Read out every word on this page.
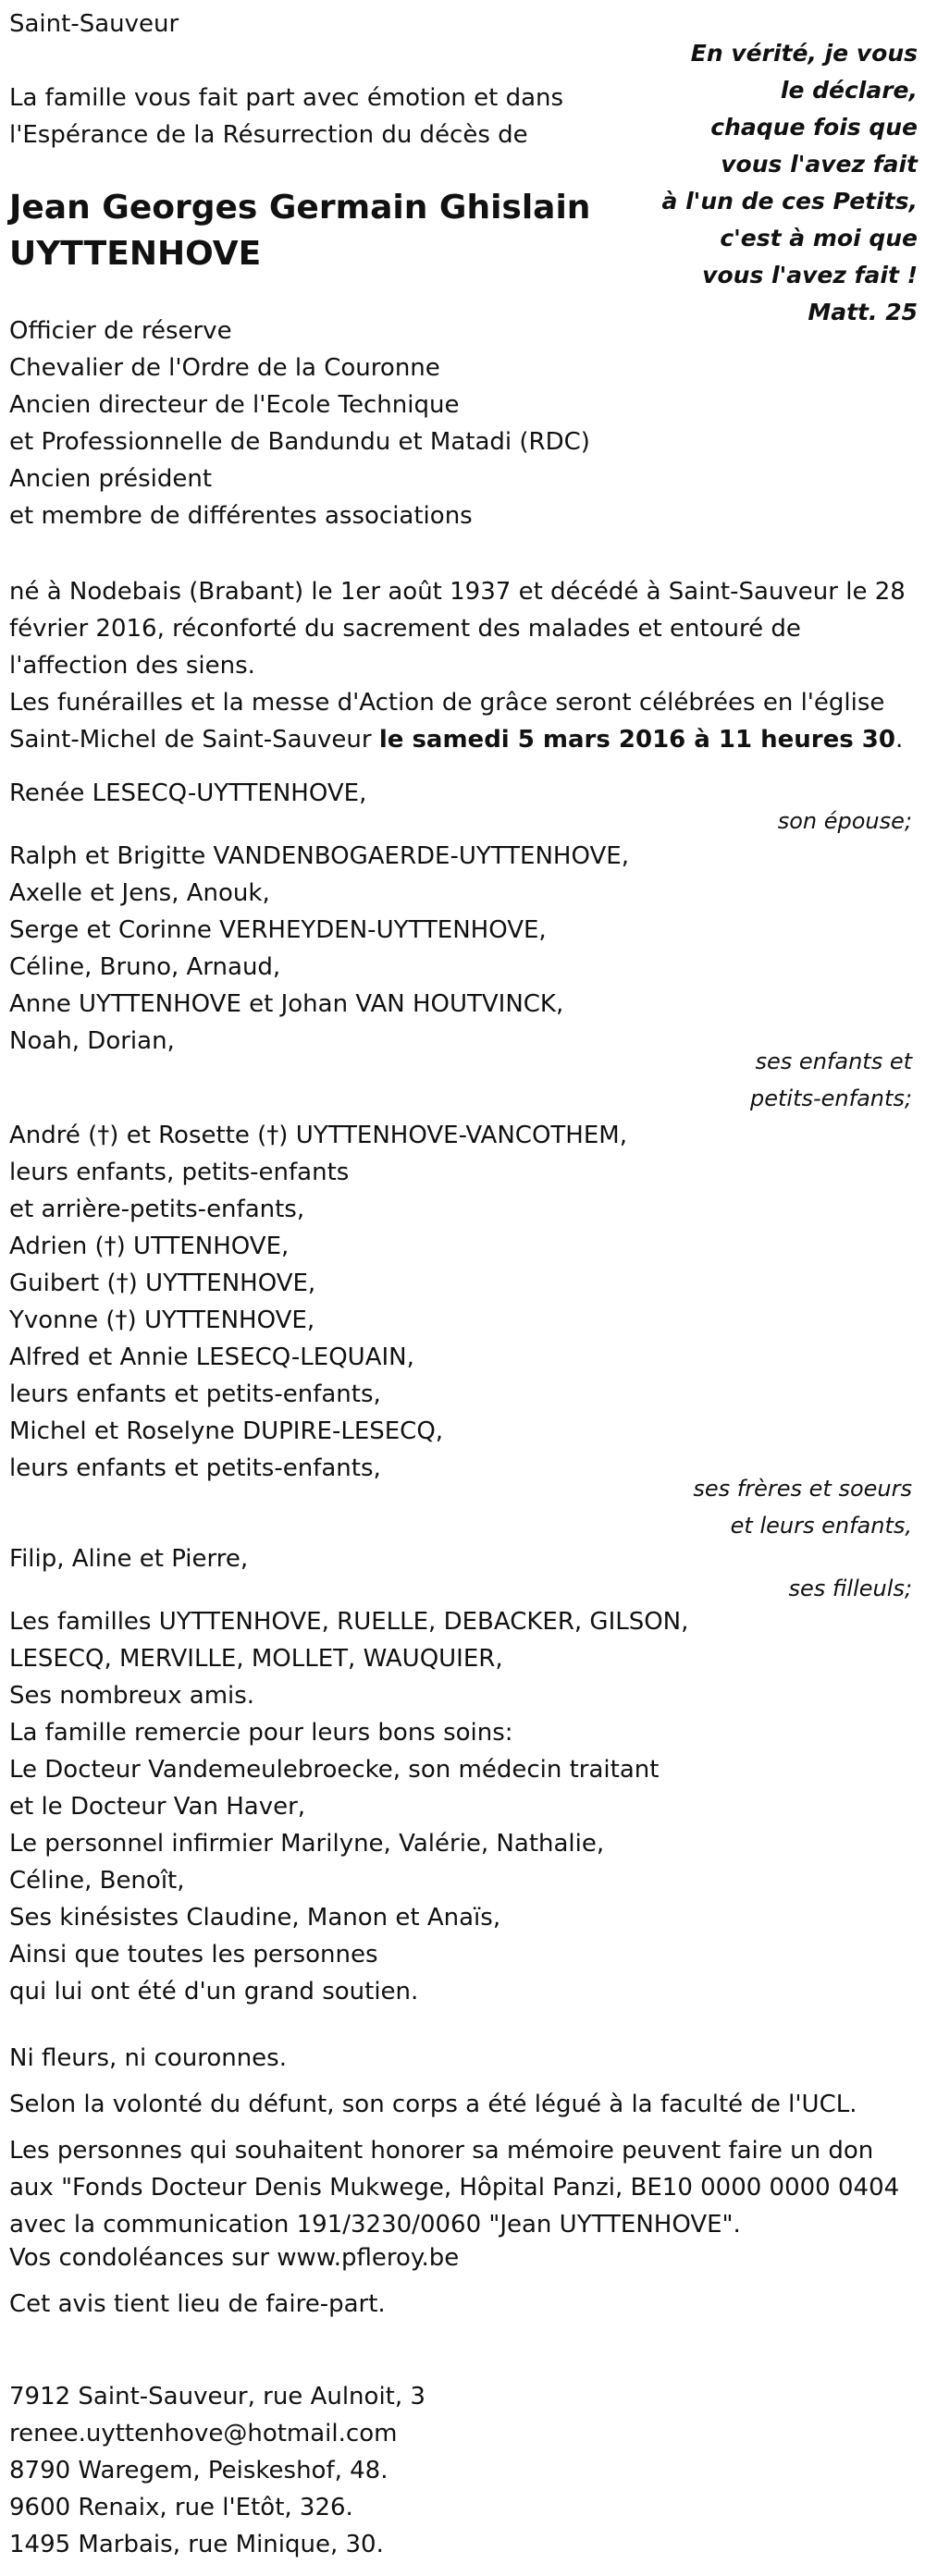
Saint-Sauveur
La famille vous fait part avec émotion et dans
l'Espérance de la Résurrection du décès de
En vérité, je vous
le déclare,
chaque fois que
vous l'avez fait
à l'un de ces Petits,
c'est à moi que
vous l'avez fait !
Matt. 25
Jean Georges Germain Ghislain
UYTTENHOVE
Officier de réserve
Chevalier de l'Ordre de la Couronne
Ancien directeur de l'Ecole Technique
et Professionnelle de Bandundu et Matadi (RDC)
Ancien président
et membre de différentes associations
né à Nodebais (Brabant) le 1er août 1937 et décédé à Saint-Sauveur le 28 février 2016, réconforté du sacrement des malades et entouré de l'affection des siens.
Les funérailles et la messe d'Action de grâce seront célébrées en l'église Saint-Michel de Saint-Sauveur le samedi 5 mars 2016 à 11 heures 30.
Renée LESECQ-UYTTENHOVE,
son épouse;
Ralph et Brigitte VANDENBOGAERDE-UYTTENHOVE,
Axelle et Jens, Anouk,
Serge et Corinne VERHEYDEN-UYTTENHOVE,
Céline, Bruno, Arnaud,
Anne UYTTENHOVE et Johan VAN HOUTVINCK,
Noah, Dorian,
ses enfants et
petits-enfants;
André (†) et Rosette (†) UYTTENHOVE-VANCOTHEM,
leurs enfants, petits-enfants
et arrière-petits-enfants,
Adrien (†) UTTENHOVE,
Guibert (†) UYTTENHOVE,
Yvonne (†) UYTTENHOVE,
Alfred et Annie LESECQ-LEQUAIN,
leurs enfants et petits-enfants,
Michel et Roselyne DUPIRE-LESECQ,
leurs enfants et petits-enfants,
ses frères et soeurs
et leurs enfants,
Filip, Aline et Pierre,
ses filleuls;
Les familles UYTTENHOVE, RUELLE, DEBACKER, GILSON,
LESECQ, MERVILLE, MOLLET, WAUQUIER,
Ses nombreux amis.
La famille remercie pour leurs bons soins:
Le Docteur Vandemeulebroecke, son médecin traitant
et le Docteur Van Haver,
Le personnel infirmier Marilyne, Valérie, Nathalie,
Céline, Benoît,
Ses kinésistes Claudine, Manon et Anaïs,
Ainsi que toutes les personnes
qui lui ont été d'un grand soutien.
Ni fleurs, ni couronnes.
Selon la volonté du défunt, son corps a été légué à la faculté de l'UCL.
Les personnes qui souhaitent honorer sa mémoire peuvent faire un don aux "Fonds Docteur Denis Mukwege, Hôpital Panzi, BE10 0000 0000 0404 avec la communication 191/3230/0060 "Jean UYTTENHOVE".
Vos condoléances sur www.pfleroy.be
Cet avis tient lieu de faire-part.
7912 Saint-Sauveur, rue Aulnoit, 3
renee.uyttenhove@hotmail.com
8790 Waregem, Peiskeshof, 48.
9600 Renaix, rue l'Etôt, 326.
1495 Marbais, rue Minique, 30.
